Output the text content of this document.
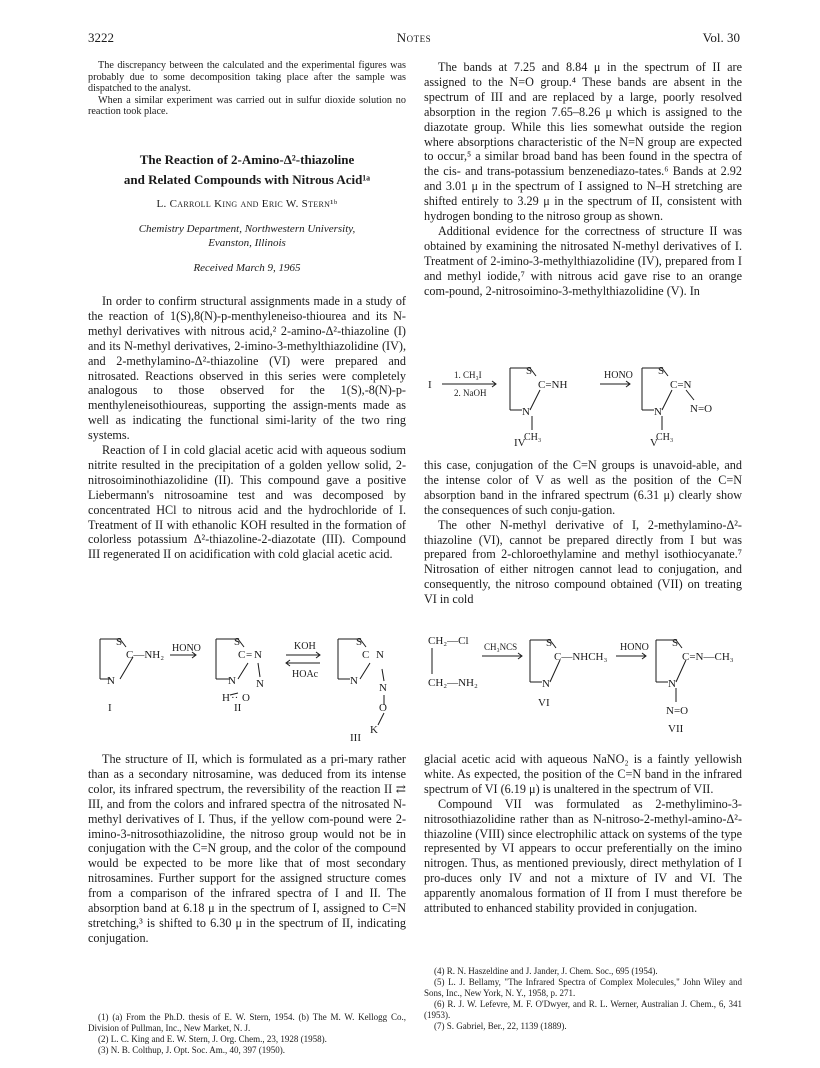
3222	Notes	Vol. 30

The discrepancy between the calculated and the experimental figures was probably due to some decomposition taking place after the sample was dispatched to the analyst.

When a similar experiment was carried out in sulfur dioxide solution no reaction took place.

The Reaction of 2-Amino-Δ²-thiazoline

and Related Compounds with Nitrous Acid¹ᵃ

L. Carroll King and Eric W. Stern¹ᵇ

Chemistry Department, Northwestern University,

Evanston, Illinois

Received March 9, 1965

In order to confirm structural assignments made in a study of the reaction of 1(S),8(N)-p-menthyleneiso-thiourea and its N-methyl derivatives with nitrous acid,² 2-amino-Δ²-thiazoline (I) and its N-methyl derivatives, 2-imino-3-methylthiazolidine (IV), and 2-methylamino-Δ²-thiazoline (VI) were prepared and nitrosated. Reactions observed in this series were completely analogous to those observed for the 1(S),-8(N)-p-menthyleneisothioureas, supporting the assign-ments made as well as indicating the functional simi-larity of the two ring systems.

Reaction of I in cold glacial acetic acid with aqueous sodium nitrite resulted in the precipitation of a golden yellow solid, 2-nitrosoiminothiazolidine (II). This compound gave a positive Liebermann's nitrosoamine test and was decomposed by concentrated HCl to nitrous acid and the hydrochloride of I. Treatment of II with ethanolic KOH resulted in the formation of colorless potassium Δ²-thiazoline-2-diazotate (III). Compound III regenerated II on acidification with cold glacial acetic acid.

S
C—NH₂
N
HONO
S
C = N
N N
H ·· O
KOH
HOAc
S
C N
N
N
O
K
I	II
III

The structure of II, which is formulated as a pri-mary rather than as a secondary nitrosamine, was deduced from its intense color, its infrared spectrum, the reversibility of the reaction II ⇄ III, and from the colors and infrared spectra of the nitrosated N-methyl derivatives of I. Thus, if the yellow com-pound were 2-imino-3-nitrosothiazolidine, the nitroso group would not be in conjugation with the C=N group, and the color of the compound would be expected to be more like that of most secondary nitrosamines. Further support for the assigned structure comes from a comparison of the infrared spectra of I and II. The absorption band at 6.18 μ in the spectrum of I, assigned to C=N stretching,³ is shifted to 6.30 μ in the spectrum of II, indicating conjugation.

(1) (a) From the Ph.D. thesis of E. W. Stern, 1954. (b) The M. W. Kellogg Co., Division of Pullman, Inc., New Market, N. J.

(2) L. C. King and E. W. Stern, J. Org. Chem., 23, 1928 (1958).

(3) N. B. Colthup, J. Opt. Soc. Am., 40, 397 (1950).

The bands at 7.25 and 8.84 μ in the spectrum of II are assigned to the N=O group.⁴ These bands are absent in the spectrum of III and are replaced by a large, poorly resolved absorption in the region 7.65–8.26 μ which is assigned to the diazotate group. While this lies somewhat outside the region where absorptions characteristic of the N=N group are expected to occur,⁵ a similar broad band has been found in the spectra of the cis- and trans-potassium benzenediazo-tates.⁶ Bands at 2.92 and 3.01 μ in the spectrum of I assigned to N–H stretching are shifted entirely to 3.29 μ in the spectrum of II, consistent with hydrogen bonding to the nitroso group as shown.

Additional evidence for the correctness of structure II was obtained by examining the nitrosated N-methyl derivatives of I. Treatment of 2-imino-3-methylthiazolidine (IV), prepared from I and methyl iodide,⁷ with nitrous acid gave rise to an orange com-pound, 2-nitrosoimino-3-methylthiazolidine (V). In

I
1. CH₃I
2. NaOH
S
C=NH
N
CH₃
HONO S
C=N
N	N=O
CH₃
IV	V

this case, conjugation of the C=N groups is unavoid-able, and the intense color of V as well as the position of the C=N absorption band in the infrared spectrum (6.31 μ) clearly show the consequences of such conju-gation.

The other N-methyl derivative of I, 2-methylamino-Δ²-thiazoline (VI), cannot be prepared directly from I but was prepared from 2-chloroethylamine and methyl isothiocyanate.⁷ Nitrosation of either nitrogen cannot lead to conjugation, and consequently, the nitroso compound obtained (VII) on treating VI in cold

CH₂—Cl
CH₂—NH₂
CH₃NCS	S
C—NHCH₃
N
HONO S
C=N—CH₃
N
N=O
VI
VII

glacial acetic acid with aqueous NaNO₂ is a faintly yellowish white. As expected, the position of the C=N band in the infrared spectrum of VI (6.19 μ) is unaltered in the spectrum of VII.

Compound VII was formulated as 2-methylimino-3-nitrosothiazolidine rather than as N-nitroso-2-methyl-amino-Δ²-thiazoline (VIII) since electrophilic attack on systems of the type represented by VI appears to occur preferentially on the imino nitrogen. Thus, as mentioned previously, direct methylation of I pro-duces only IV and not a mixture of IV and VI. The apparently anomalous formation of II from I must therefore be attributed to enhanced stability provided in conjugation.

(4) R. N. Haszeldine and J. Jander, J. Chem. Soc., 695 (1954).

(5) L. J. Bellamy, "The Infrared Spectra of Complex Molecules," John Wiley and Sons, Inc., New York, N. Y., 1958, p. 271.

(6) R. J. W. Lefevre, M. F. O'Dwyer, and R. L. Werner, Australian J. Chem., 6, 341 (1953).

(7) S. Gabriel, Ber., 22, 1139 (1889).
